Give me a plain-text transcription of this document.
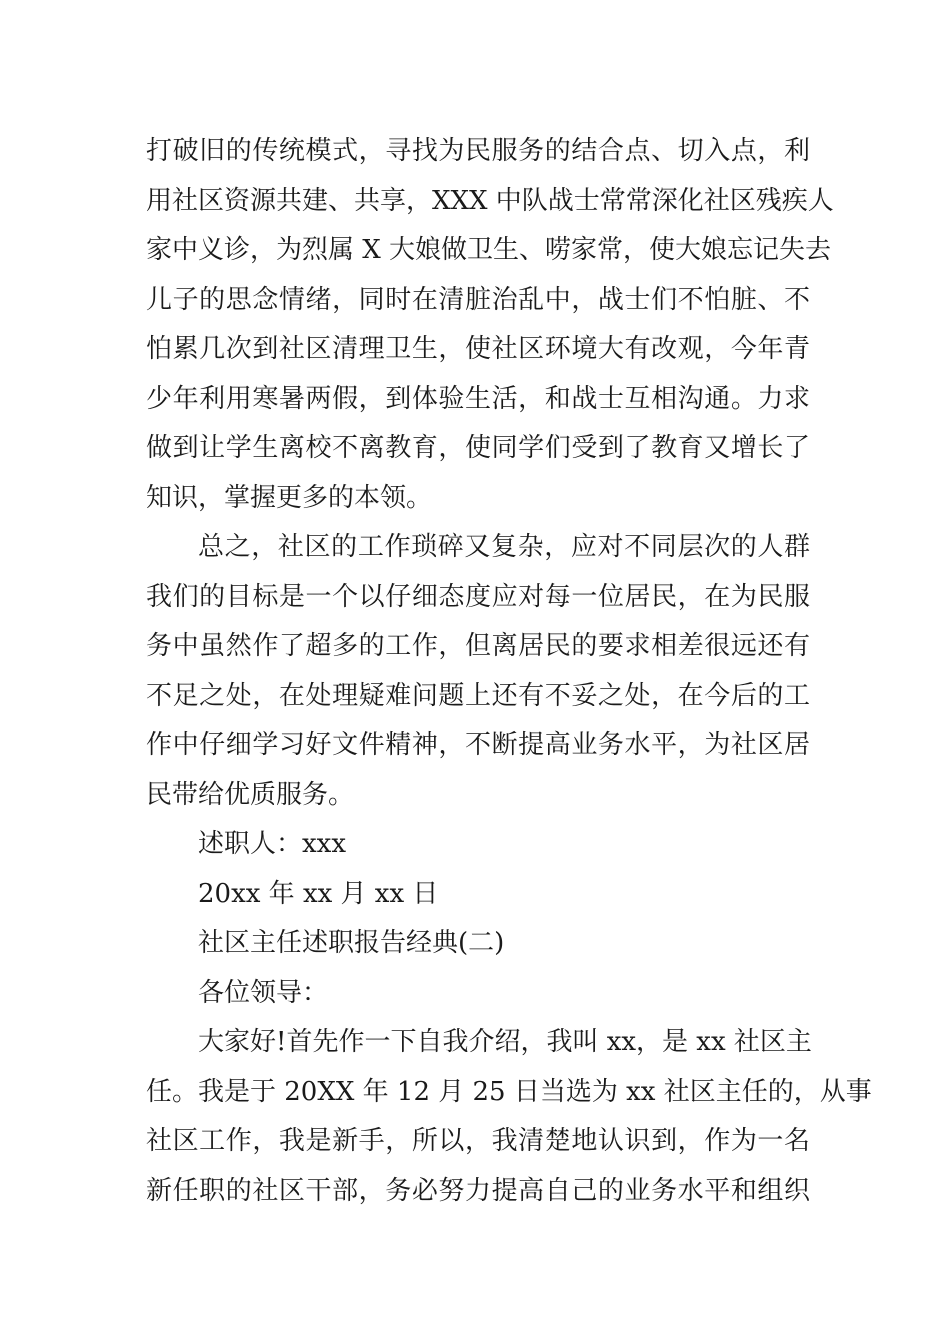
打破旧的传统模式，寻找为民服务的结合点、切入点，利
用社区资源共建、共享，XXX 中队战士常常深化社区残疾人
家中义诊，为烈属 X 大娘做卫生、唠家常，使大娘忘记失去
儿子的思念情绪，同时在清脏治乱中，战士们不怕脏、不
怕累几次到社区清理卫生，使社区环境大有改观，今年青
少年利用寒暑两假，到体验生活，和战士互相沟通。力求
做到让学生离校不离教育，使同学们受到了教育又增长了
知识，掌握更多的本领。
总之，社区的工作琐碎又复杂，应对不同层次的人群
我们的目标是一个以仔细态度应对每一位居民，在为民服
务中虽然作了超多的工作，但离居民的要求相差很远还有
不足之处，在处理疑难问题上还有不妥之处，在今后的工
作中仔细学习好文件精神，不断提高业务水平，为社区居
民带给优质服务。
述职人：xxx
20xx 年 xx 月 xx 日
社区主任述职报告经典(二)
各位领导：
大家好!首先作一下自我介绍，我叫 xx，是 xx 社区主
任。我是于 20XX 年 12 月 25 日当选为 xx 社区主任的，从事
社区工作，我是新手，所以，我清楚地认识到，作为一名
新任职的社区干部，务必努力提高自己的业务水平和组织
